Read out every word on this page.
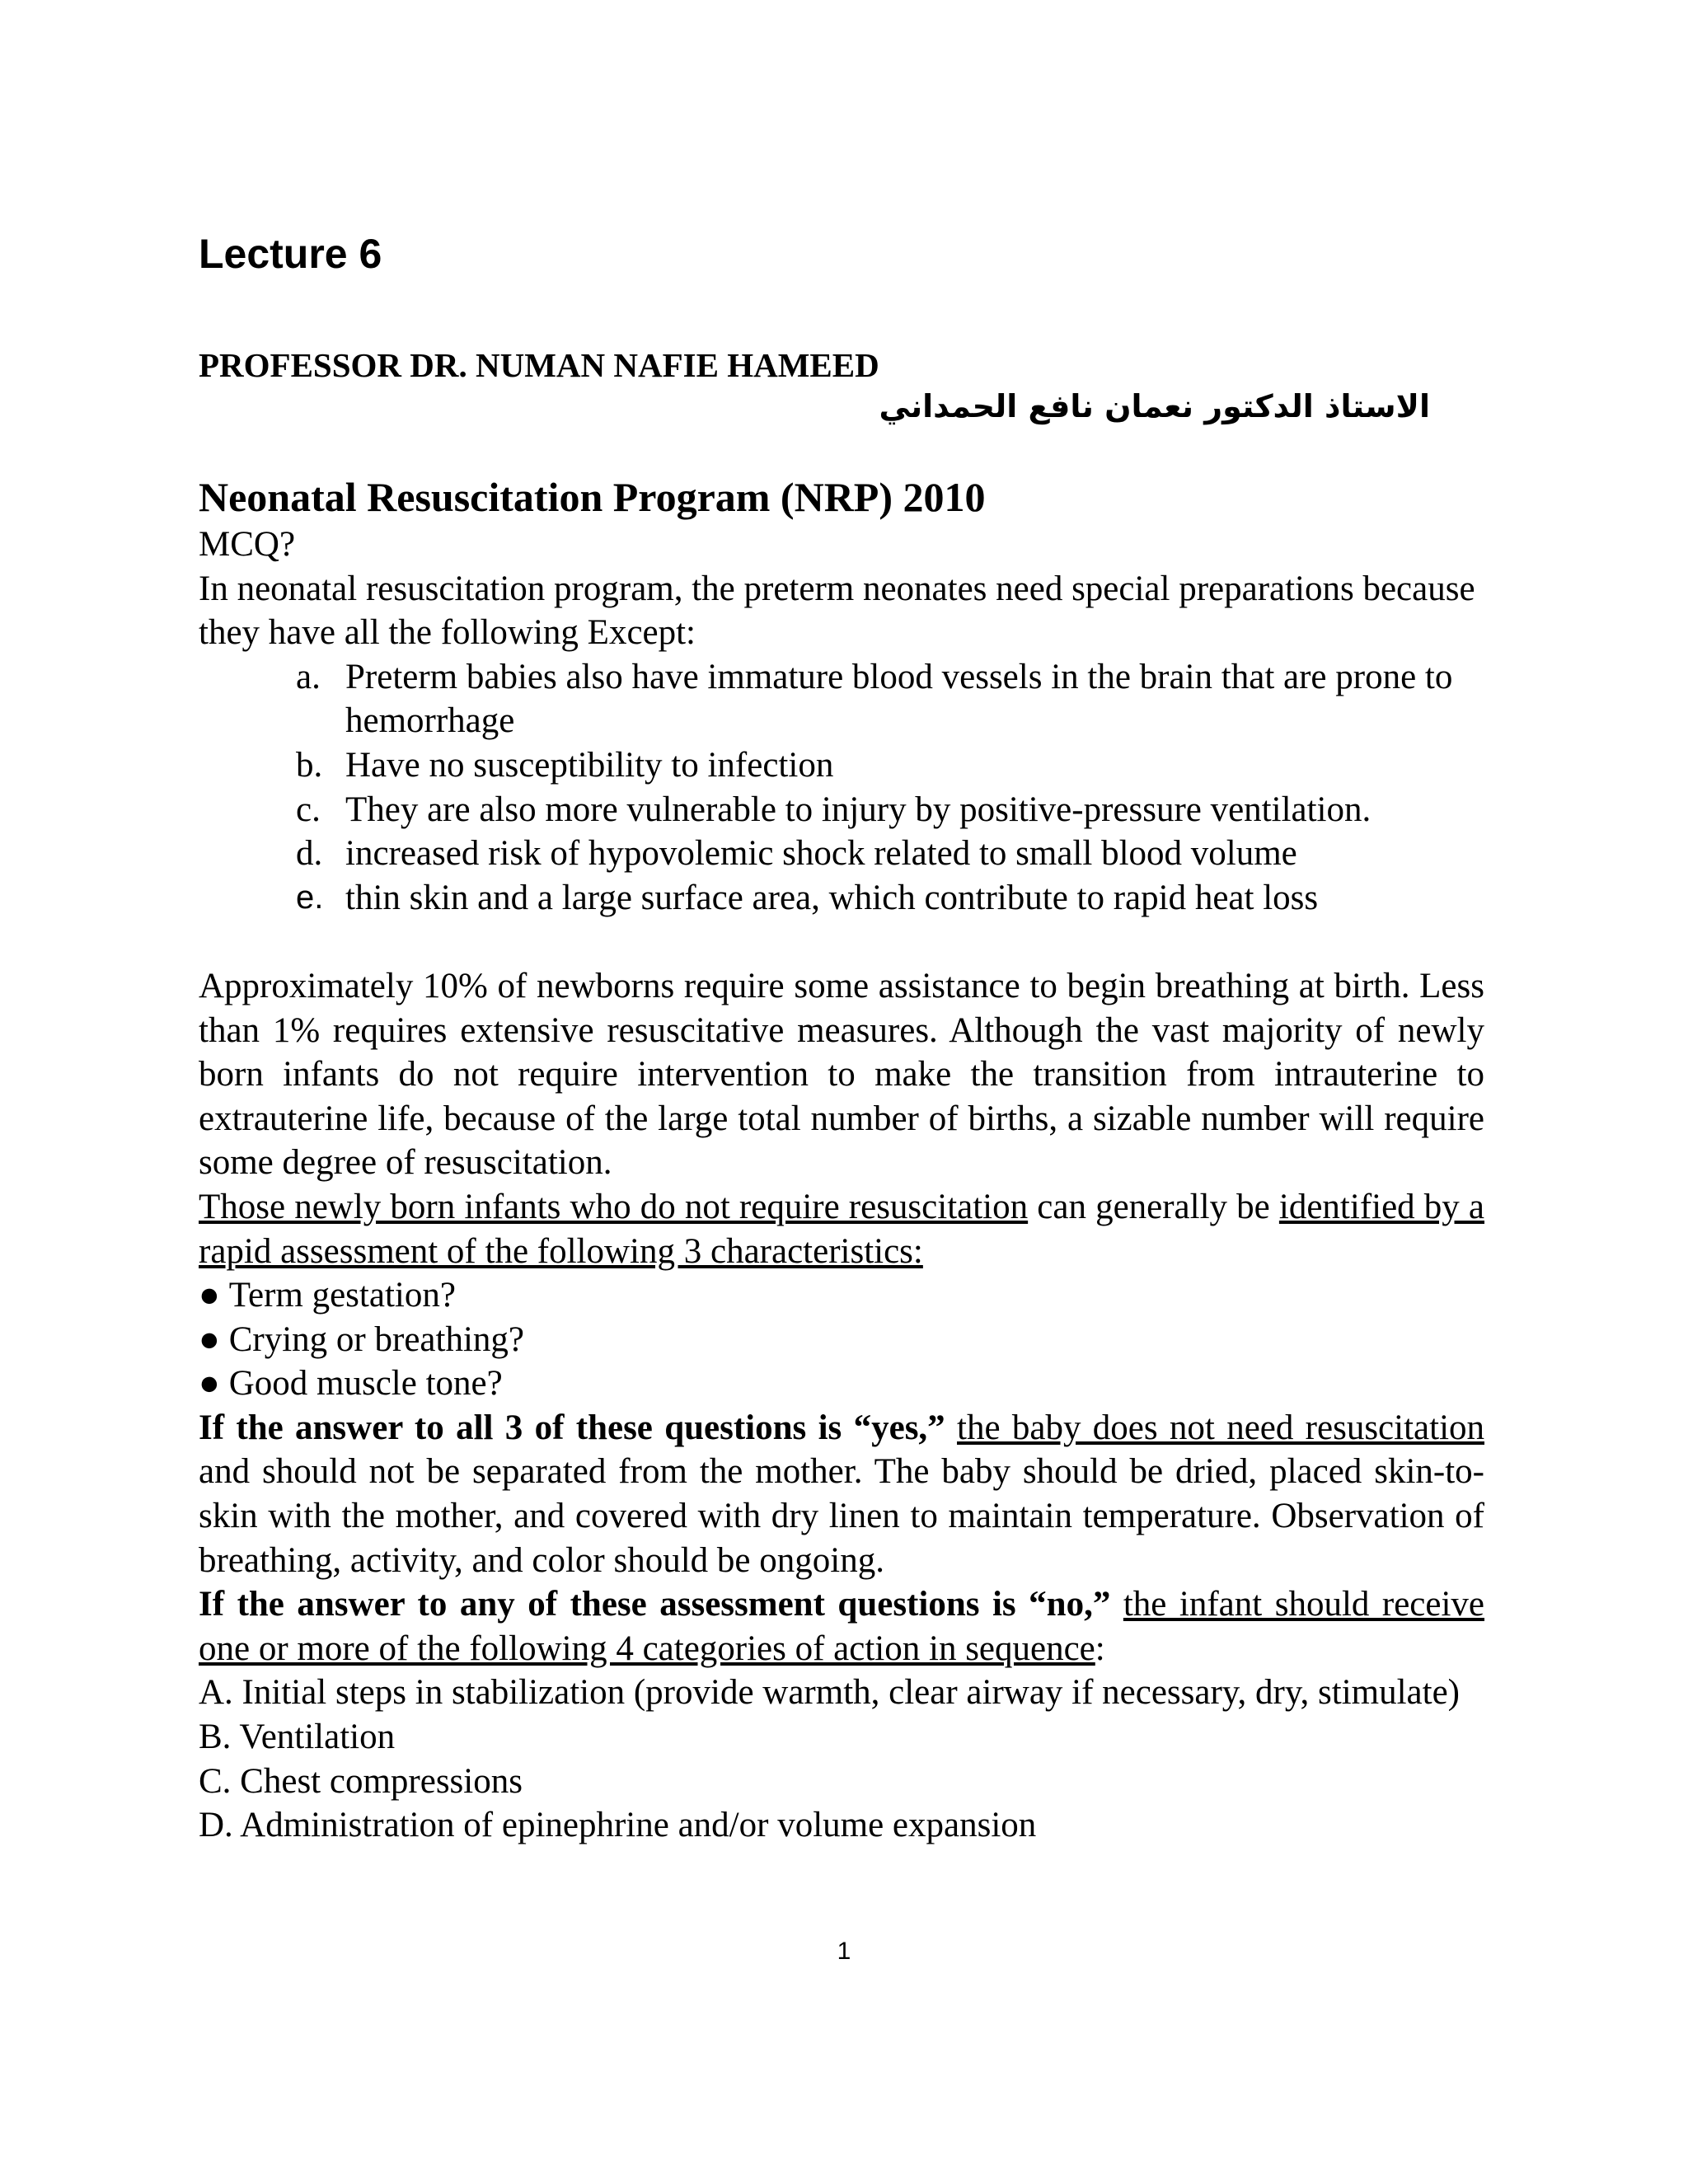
Lecture 6
PROFESSOR DR. NUMAN NAFIE HAMEED
الاستاذ الدكتور نعمان نافع الحمداني
Neonatal Resuscitation Program (NRP) 2010

MCQ?

In neonatal resuscitation program, the preterm neonates need special preparations because they have all the following Except:

a. Preterm babies also have immature blood vessels in the brain that are prone to hemorrhage
b. Have no susceptibility to infection
c. They are also more vulnerable to injury by positive-pressure ventilation.
d. increased risk of hypovolemic shock related to small blood volume
e. thin skin and a large surface area, which contribute to rapid heat loss

Approximately 10% of newborns require some assistance to begin breathing at birth. Less than 1% requires extensive resuscitative measures. Although the vast majority of newly born infants do not require intervention to make the transition from intrauterine to extrauterine life, because of the large total number of births, a sizable number will require some degree of resuscitation.

Those newly born infants who do not require resuscitation can generally be identified by a rapid assessment of the following 3 characteristics:

● Term gestation?
● Crying or breathing?
● Good muscle tone?

If the answer to all 3 of these questions is “yes,” the baby does not need resuscitation and should not be separated from the mother. The baby should be dried, placed skin-to-skin with the mother, and covered with dry linen to maintain temperature. Observation of breathing, activity, and color should be ongoing.

If the answer to any of these assessment questions is “no,” the infant should receive one or more of the following 4 categories of action in sequence:

A. Initial steps in stabilization (provide warmth, clear airway if necessary, dry, stimulate)
B. Ventilation
C. Chest compressions
D. Administration of epinephrine and/or volume expansion
1
